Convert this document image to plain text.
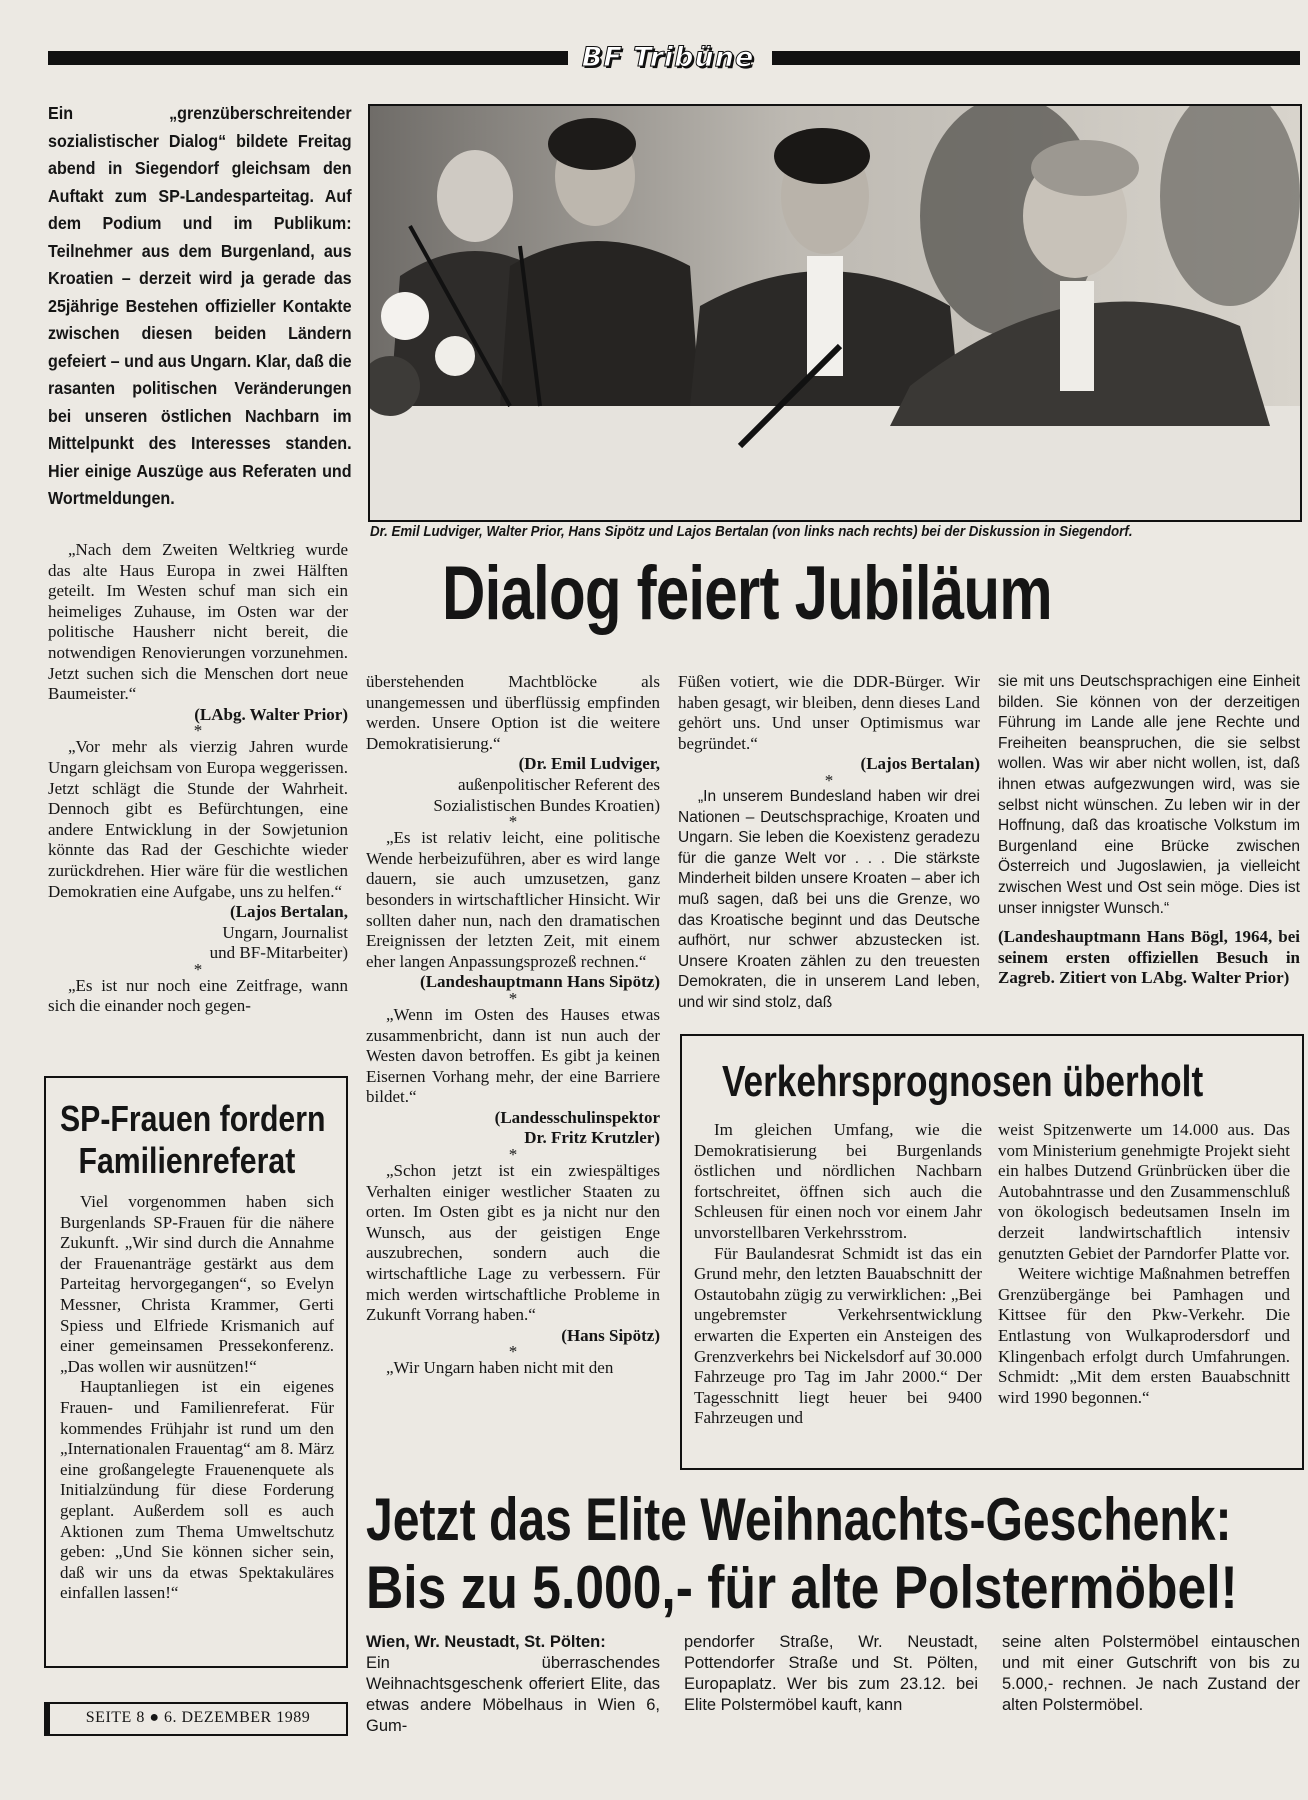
BF Tribüne
Ein „grenzüberschreitender sozialistischer Dialog“ bildete Freitag abend in Siegendorf gleichsam den Auftakt zum SP-Landesparteitag. Auf dem Podium und im Publikum: Teilnehmer aus dem Burgenland, aus Kroatien – derzeit wird ja gerade das 25jährige Bestehen offizieller Kontakte zwischen diesen beiden Ländern gefeiert – und aus Ungarn. Klar, daß die rasanten politischen Veränderungen bei unseren östlichen Nachbarn im Mittelpunkt des Interesses standen. Hier einige Auszüge aus Referaten und Wortmeldungen.
Dr. Emil Ludviger, Walter Prior, Hans Sipötz und Lajos Bertalan (von links nach rechts) bei der Diskussion in Siegendorf.
Dialog feiert Jubiläum

„Nach dem Zweiten Weltkrieg wurde das alte Haus Europa in zwei Hälften geteilt. Im Westen schuf man sich ein heimeliges Zuhause, im Osten war der politische Hausherr nicht bereit, die notwendigen Renovierungen vorzunehmen. Jetzt suchen sich die Menschen dort neue Baumeister.“

(LAbg. Walter Prior)

*

„Vor mehr als vierzig Jahren wurde Ungarn gleichsam von Europa weggerissen. Jetzt schlägt die Stunde der Wahrheit. Dennoch gibt es Befürchtungen, eine andere Entwicklung in der Sowjetunion könnte das Rad der Geschichte wieder zurückdrehen. Hier wäre für die westlichen Demokratien eine Aufgabe, uns zu helfen.“

(Lajos Bertalan,

Ungarn, Journalist

und BF-Mitarbeiter)

*

„Es ist nur noch eine Zeitfrage, wann sich die einander noch gegen-

überstehenden Machtblöcke als unangemessen und überflüssig empfinden werden. Unsere Option ist die weitere Demokratisierung.“

(Dr. Emil Ludviger,

außenpolitischer Referent des Sozialistischen Bundes Kroatien)

*

„Es ist relativ leicht, eine politische Wende herbeizuführen, aber es wird lange dauern, sie auch umzusetzen, ganz besonders in wirtschaftlicher Hinsicht. Wir sollten daher nun, nach den dramatischen Ereignissen der letzten Zeit, mit einem eher langen Anpassungsprozeß rechnen.“

(Landeshauptmann Hans Sipötz)

*

„Wenn im Osten des Hauses etwas zusammenbricht, dann ist nun auch der Westen davon betroffen. Es gibt ja keinen Eisernen Vorhang mehr, der eine Barriere bildet.“

(Landesschulinspektor

Dr. Fritz Krutzler)

*

„Schon jetzt ist ein zwiespältiges Verhalten einiger westlicher Staaten zu orten. Im Osten gibt es ja nicht nur den Wunsch, aus der geistigen Enge auszubrechen, sondern auch die wirtschaftliche Lage zu verbessern. Für mich werden wirtschaftliche Probleme in Zukunft Vorrang haben.“

(Hans Sipötz)

*

„Wir Ungarn haben nicht mit den

Füßen votiert, wie die DDR-Bürger. Wir haben gesagt, wir bleiben, denn dieses Land gehört uns. Und unser Optimismus war begründet.“

(Lajos Bertalan)

*

„In unserem Bundesland haben wir drei Nationen – Deutschsprachige, Kroaten und Ungarn. Sie leben die Koexistenz geradezu für die ganze Welt vor . . . Die stärkste Minderheit bilden unsere Kroaten – aber ich muß sagen, daß bei uns die Grenze, wo das Kroatische beginnt und das Deutsche aufhört, nur schwer abzustecken ist. Unsere Kroaten zählen zu den treuesten Demokraten, die in unserem Land leben, und wir sind stolz, daß

sie mit uns Deutschsprachigen eine Einheit bilden. Sie können von der derzeitigen Führung im Lande alle jene Rechte und Freiheiten beanspruchen, die sie selbst wollen. Was wir aber nicht wollen, ist, daß ihnen etwas aufgezwungen wird, was sie selbst nicht wünschen. Zu leben wir in der Hoffnung, daß das kroatische Volkstum im Burgenland eine Brücke zwischen Österreich und Jugoslawien, ja vielleicht zwischen West und Ost sein möge. Dies ist unser innigster Wunsch.“

(Landeshauptmann Hans Bögl, 1964, bei seinem ersten offiziellen Besuch in Zagreb. Zitiert von LAbg. Walter Prior)

SP-Frauen fordern
Familienreferat

Viel vorgenommen haben sich Burgenlands SP-Frauen für die nähere Zukunft. „Wir sind durch die Annahme der Frauenanträge gestärkt aus dem Parteitag hervorgegangen“, so Evelyn Messner, Christa Krammer, Gerti Spiess und Elfriede Krismanich auf einer gemeinsamen Pressekonferenz. „Das wollen wir ausnützen!“

Hauptanliegen ist ein eigenes Frauen- und Familienreferat. Für kommendes Frühjahr ist rund um den „Internationalen Frauentag“ am 8. März eine großangelegte Frauenenquete als Initialzündung für diese Forderung geplant. Außerdem soll es auch Aktionen zum Thema Umweltschutz geben: „Und Sie können sicher sein, daß wir uns da etwas Spektakuläres einfallen lassen!“

Verkehrsprognosen überholt

Im gleichen Umfang, wie die Demokratisierung bei Burgenlands östlichen und nördlichen Nachbarn fortschreitet, öffnen sich auch die Schleusen für einen noch vor einem Jahr unvorstellbaren Verkehrsstrom.

Für Baulandesrat Schmidt ist das ein Grund mehr, den letzten Bauabschnitt der Ostautobahn zügig zu verwirklichen: „Bei ungebremster Verkehrsentwicklung erwarten die Experten ein Ansteigen des Grenzverkehrs bei Nickelsdorf auf 30.000 Fahrzeuge pro Tag im Jahr 2000.“ Der Tagesschnitt liegt heuer bei 9400 Fahrzeugen und

weist Spitzenwerte um 14.000 aus. Das vom Ministerium genehmigte Projekt sieht ein halbes Dutzend Grünbrücken über die Autobahntrasse und den Zusammenschluß von ökologisch bedeutsamen Inseln im derzeit landwirtschaftlich intensiv genutzten Gebiet der Parndorfer Platte vor.

Weitere wichtige Maßnahmen betreffen Grenzübergänge bei Pamhagen und Kittsee für den Pkw-Verkehr. Die Entlastung von Wulkaprodersdorf und Klingenbach erfolgt durch Umfahrungen. Schmidt: „Mit dem ersten Bauabschnitt wird 1990 begonnen.“

Jetzt das Elite Weihnachts-Geschenk:
Bis zu 5.000,- für alte Polstermöbel!
Wien, Wr. Neustadt, St. Pölten:
Ein überraschendes Weihnachtsgeschenk offeriert Elite, das etwas andere Möbelhaus in Wien 6, Gum-
pendorfer Straße, Wr. Neustadt, Pottendorfer Straße und St. Pölten, Europaplatz. Wer bis zum 23.12. bei Elite Polstermöbel kauft, kann
seine alten Polstermöbel eintauschen und mit einer Gutschrift von bis zu 5.000,- rechnen. Je nach Zustand der alten Polstermöbel.
SEITE 8 ● 6. DEZEMBER 1989
